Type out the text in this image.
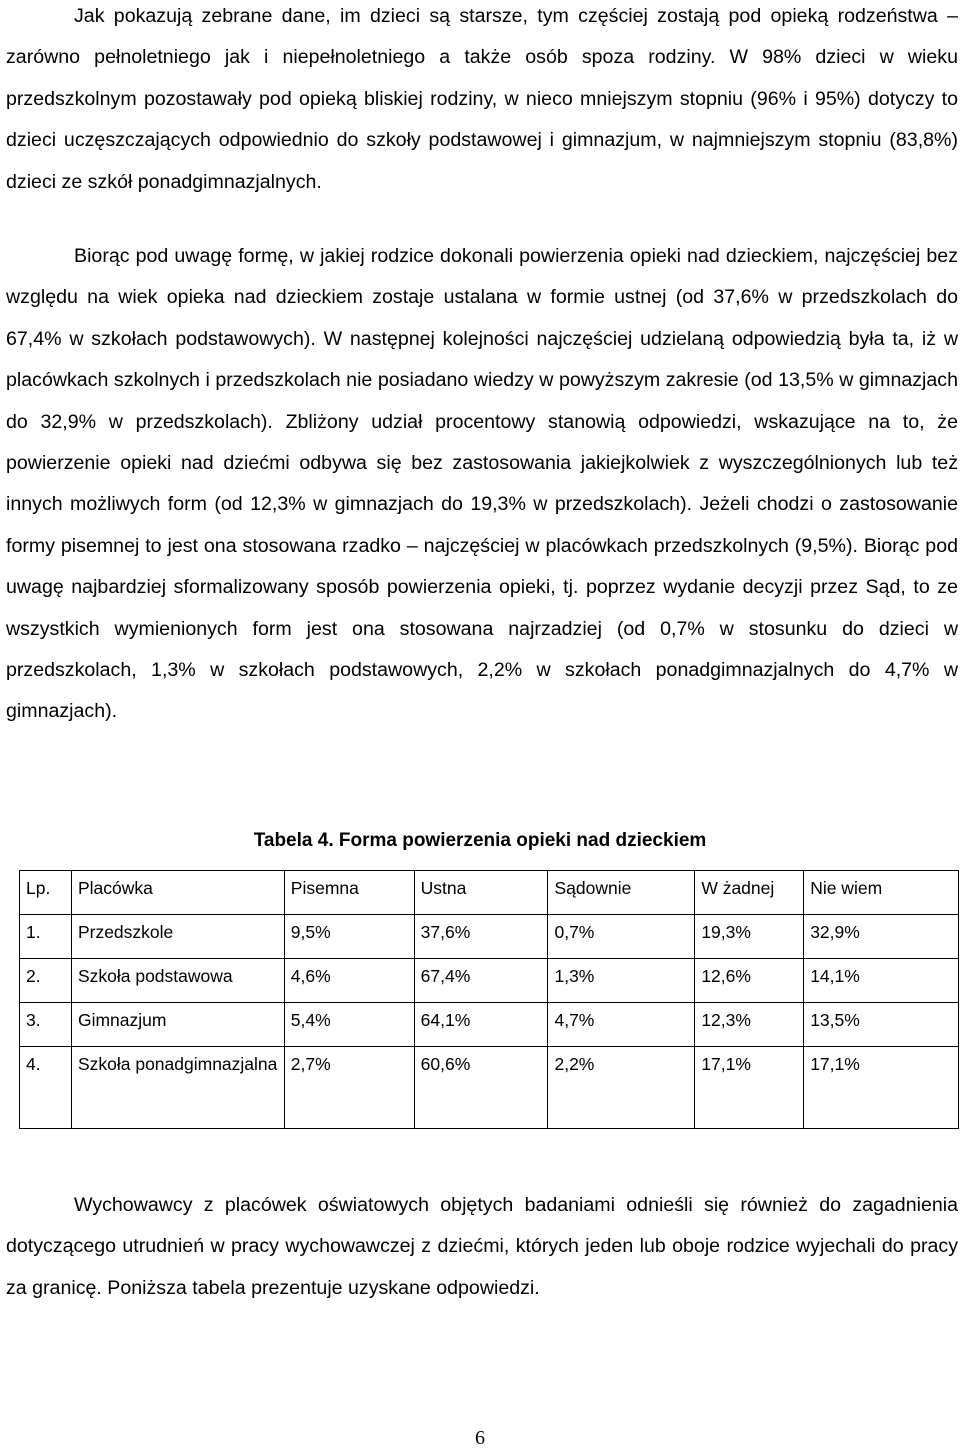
Jak pokazują zebrane dane, im dzieci są starsze, tym częściej zostają pod opieką rodzeństwa – zarówno pełnoletniego jak i niepełnoletniego a także osób spoza rodziny. W 98% dzieci w wieku przedszkolnym pozostawały pod opieką bliskiej rodziny, w nieco mniejszym stopniu (96% i 95%) dotyczy to dzieci uczęszczających odpowiednio do szkoły podstawowej i gimnazjum, w najmniejszym stopniu (83,8%) dzieci ze szkół ponadgimnazjalnych.

Biorąc pod uwagę formę, w jakiej rodzice dokonali powierzenia opieki nad dzieckiem, najczęściej bez względu na wiek opieka nad dzieckiem zostaje ustalana w formie ustnej (od 37,6% w przedszkolach do 67,4% w szkołach podstawowych). W następnej kolejności najczęściej udzielaną odpowiedzią była ta, iż w placówkach szkolnych i przedszkolach nie posiadano wiedzy w powyższym zakresie (od 13,5% w gimnazjach do 32,9% w przedszkolach). Zbliżony udział procentowy stanowią odpowiedzi, wskazujące na to, że powierzenie opieki nad dziećmi odbywa się bez zastosowania jakiejkolwiek z wyszczególnionych lub też innych możliwych form (od 12,3% w gimnazjach do 19,3% w przedszkolach). Jeżeli chodzi o zastosowanie formy pisemnej to jest ona stosowana rzadko – najczęściej w placówkach przedszkolnych (9,5%). Biorąc pod uwagę najbardziej sformalizowany sposób powierzenia opieki, tj. poprzez wydanie decyzji przez Sąd, to ze wszystkich wymienionych form jest ona stosowana najrzadziej (od 0,7% w stosunku do dzieci w przedszkolach, 1,3% w szkołach podstawowych, 2,2% w szkołach ponadgimnazjalnych do 4,7% w gimnazjach).

Tabela 4. Forma powierzenia opieki nad dzieckiem
Lp.	Placówka	Pisemna	Ustna	Sądownie	W żadnej	Nie wiem
1.	Przedszkole	9,5%	37,6%	0,7%	19,3%	32,9%
2.	Szkoła podstawowa	4,6%	67,4%	1,3%	12,6%	14,1%
3.	Gimnazjum	5,4%	64,1%	4,7%	12,3%	13,5%
4.	Szkoła ponadgimnazjalna	2,7%	60,6%	2,2%	17,1%	17,1%

Wychowawcy z placówek oświatowych objętych badaniami odnieśli się również do zagadnienia dotyczącego utrudnień w pracy wychowawczej z dziećmi, których jeden lub oboje rodzice wyjechali do pracy za granicę. Poniższa tabela prezentuje uzyskane odpowiedzi.

6
